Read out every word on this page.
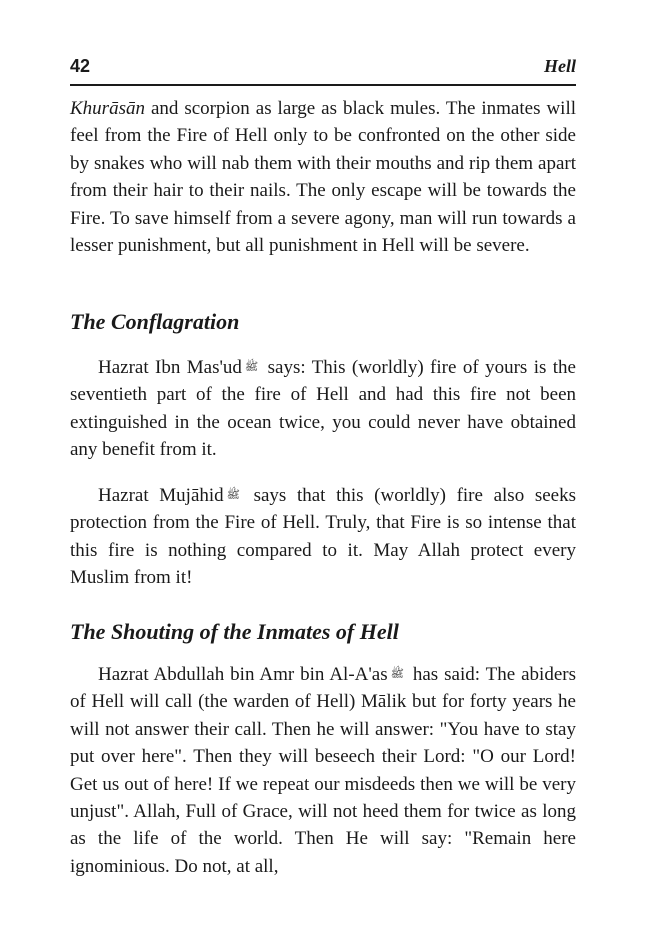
42	Hell

Khurāsān and scorpion as large as black mules. The inmates will feel from the Fire of Hell only to be confronted on the other side by snakes who will nab them with their mouths and rip them apart from their hair to their nails. The only escape will be towards the Fire. To save himself from a severe agony, man will run towards a lesser punishment, but all punishment in Hell will be severe.

The Conflagration

Hazrat Ibn Mas'ud ﷺ says: This (worldly) fire of yours is the seventieth part of the fire of Hell and had this fire not been extinguished in the ocean twice, you could never have obtained any benefit from it.

Hazrat Mujāhid ﷺ says that this (worldly) fire also seeks protection from the Fire of Hell. Truly, that Fire is so intense that this fire is nothing compared to it. May Allah protect every Muslim from it!

The Shouting of the Inmates of Hell

Hazrat Abdullah bin Amr bin Al-A'as ﷺ has said: The abiders of Hell will call (the warden of Hell) Mālik but for forty years he will not answer their call. Then he will answer: "You have to stay put over here". Then they will beseech their Lord: "O our Lord! Get us out of here! If we repeat our misdeeds then we will be very unjust". Allah, Full of Grace, will not heed them for twice as long as the life of the world. Then He will say: "Remain here ignominious. Do not, at all,
